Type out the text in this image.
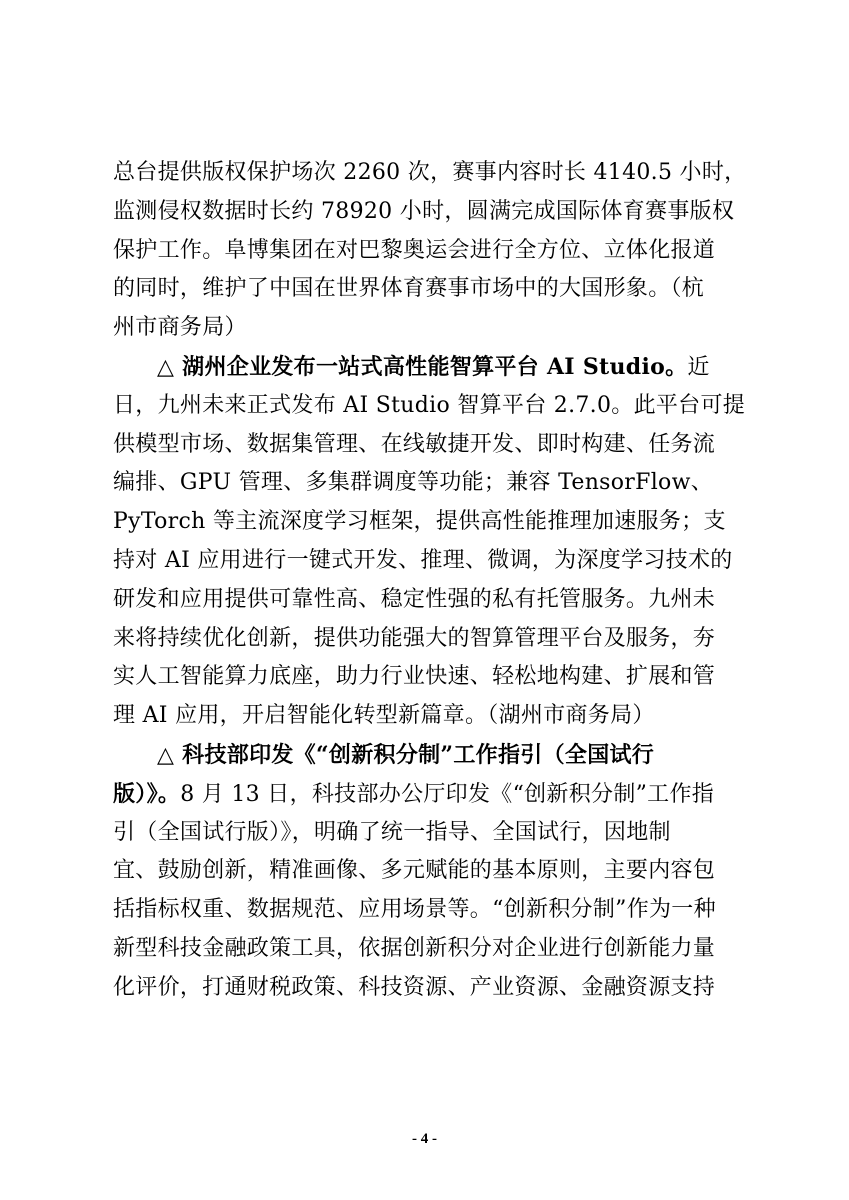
总台提供版权保护场次 2260 次，赛事内容时长 4140.5 小时，
监测侵权数据时长约 78920 小时，圆满完成国际体育赛事版权
保护工作。阜博集团在对巴黎奥运会进行全方位、立体化报道
的同时，维护了中国在世界体育赛事市场中的大国形象。（杭
州市商务局）
△ 湖州企业发布一站式高性能智算平台 AI Studio。近
日，九州未来正式发布 AI Studio 智算平台 2.7.0。此平台可提
供模型市场、数据集管理、在线敏捷开发、即时构建、任务流
编排、GPU 管理、多集群调度等功能；兼容 TensorFlow、
PyTorch 等主流深度学习框架，提供高性能推理加速服务；支
持对 AI 应用进行一键式开发、推理、微调，为深度学习技术的
研发和应用提供可靠性高、稳定性强的私有托管服务。九州未
来将持续优化创新，提供功能强大的智算管理平台及服务，夯
实人工智能算力底座，助力行业快速、轻松地构建、扩展和管
理 AI 应用，开启智能化转型新篇章。（湖州市商务局）
△ 科技部印发《“创新积分制”工作指引（全国试行
版）》。8 月 13 日，科技部办公厅印发《“创新积分制”工作指
引（全国试行版）》，明确了统一指导、全国试行，因地制
宜、鼓励创新，精准画像、多元赋能的基本原则，主要内容包
括指标权重、数据规范、应用场景等。“创新积分制”作为一种
新型科技金融政策工具，依据创新积分对企业进行创新能力量
化评价，打通财税政策、科技资源、产业资源、金融资源支持
- 4 -
